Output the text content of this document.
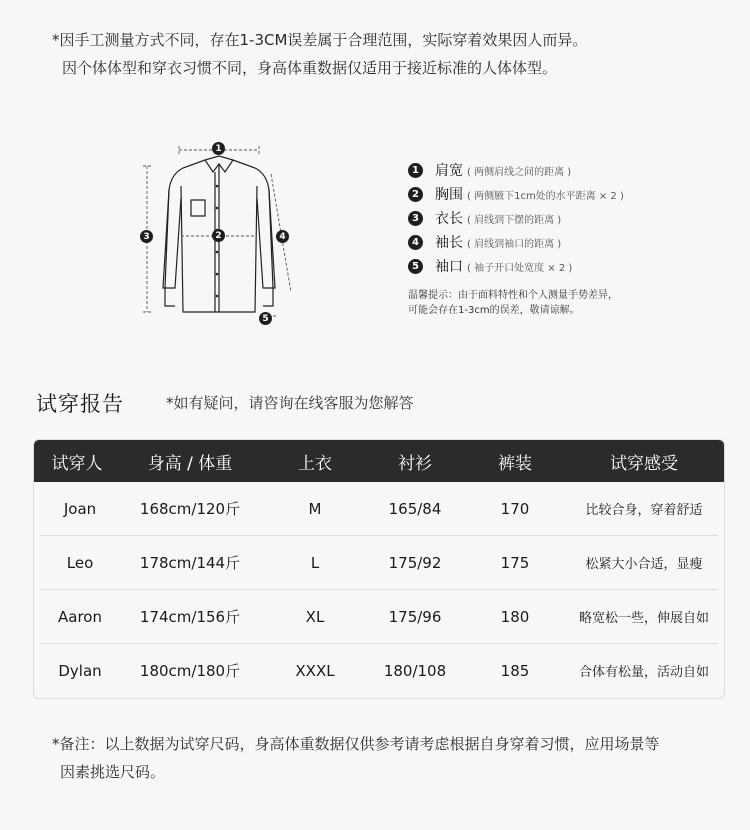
*因手工测量方式不同，存在1-3CM误差属于合理范围，实际穿着效果因人而异。
因个体体型和穿衣习惯不同，身高体重数据仅适用于接近标准的人体体型。
1
2
3	4
5
1 肩宽 ( 两侧肩线之间的距离 )
2 胸围 ( 两侧腋下1cm处的水平距离 × 2 )
3 衣长 ( 肩线到下摆的距离 )
4 袖长 ( 肩线到袖口的距离 )
5 袖口 ( 袖子开口处宽度 × 2 )
温馨提示：由于面料特性和个人测量手势差异，
可能会存在1-3cm的误差，敬请谅解。
试穿报告	*如有疑问，请咨询在线客服为您解答
试穿人	身高 / 体重	上衣	衬衫	裤装	试穿感受
Joan	168cm/120斤	M	165/84	170	比较合身，穿着舒适
Leo	178cm/144斤	L	175/92	175	松紧大小合适，显瘦
Aaron	174cm/156斤	XL	175/96	180	略宽松一些，伸展自如
Dylan	180cm/180斤	XXXL	180/108	185	合体有松量，活动自如
*备注：以上数据为试穿尺码，身高体重数据仅供参考请考虑根据自身穿着习惯，应用场景等
因素挑选尺码。
